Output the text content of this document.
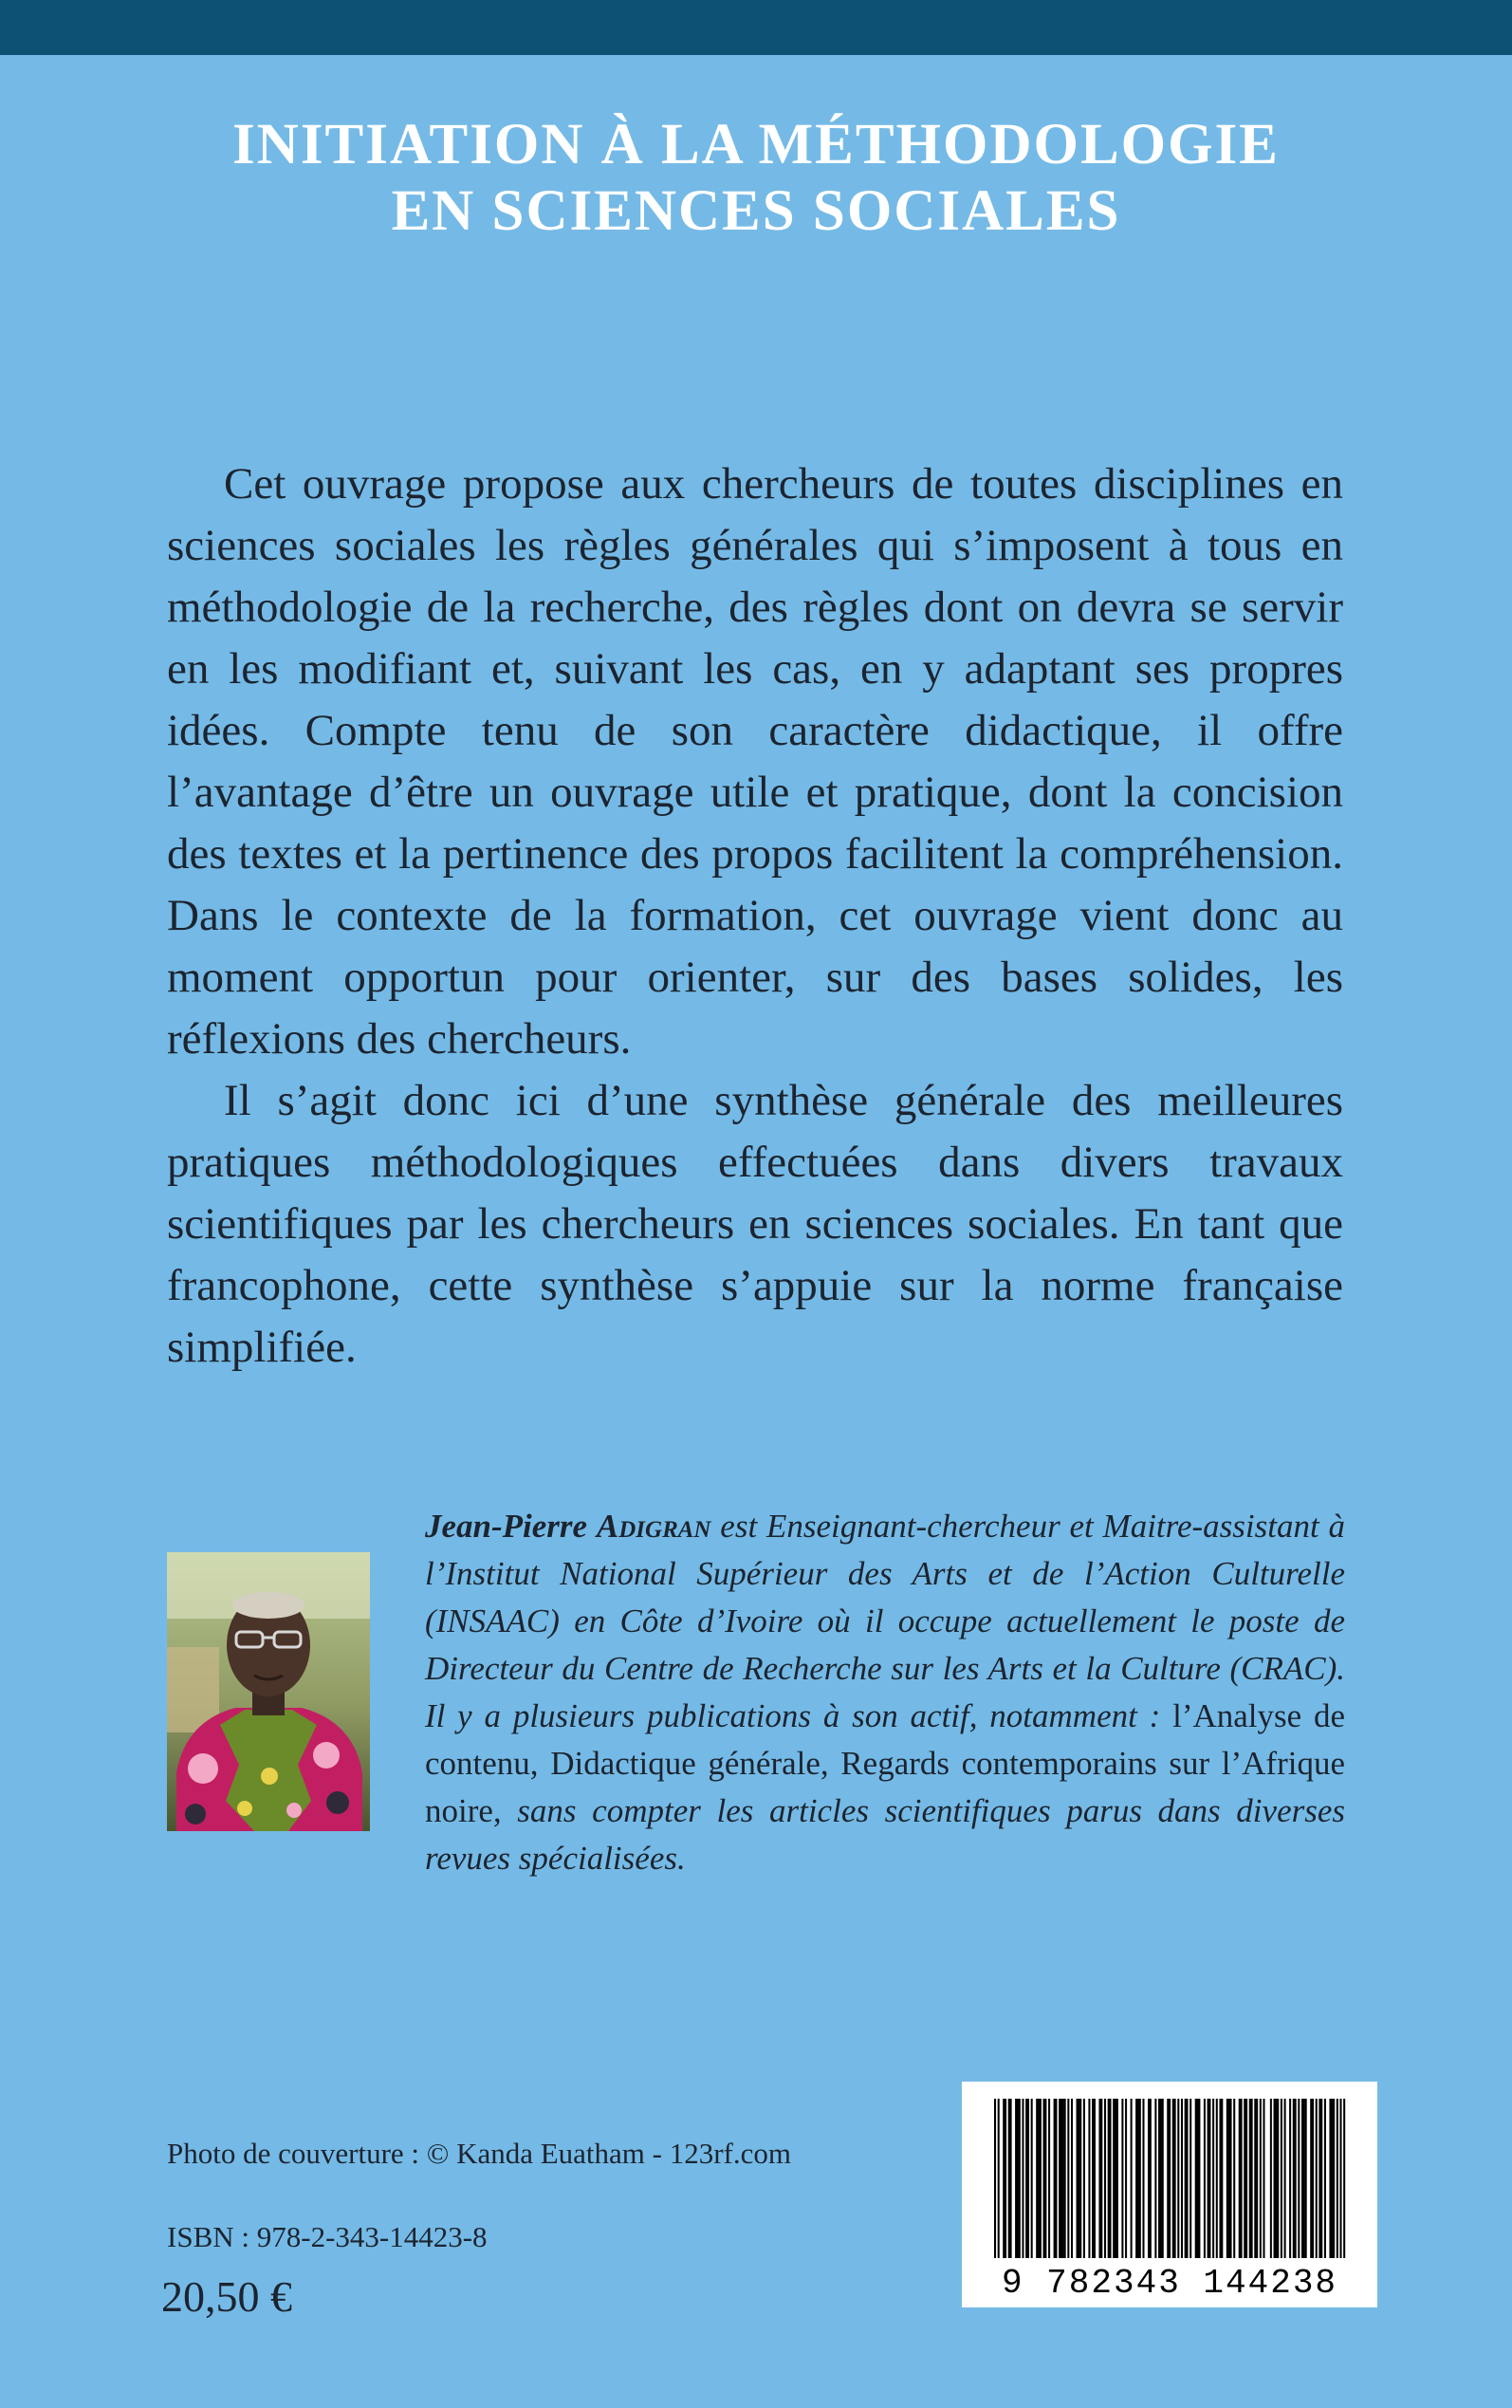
INITIATION À LA MÉTHODOLOGIE
EN SCIENCES SOCIALES

Cet ouvrage propose aux chercheurs de toutes disciplines en sciences sociales les règles générales qui s’imposent à tous en méthodologie de la recherche, des règles dont on devra se servir en les modifiant et, suivant les cas, en y adaptant ses propres idées. Compte tenu de son caractère didactique, il offre l’avantage d’être un ouvrage utile et pratique, dont la concision des textes et la pertinence des propos facilitent la compréhension. Dans le contexte de la formation, cet ouvrage vient donc au moment opportun pour orienter, sur des bases solides, les réflexions des chercheurs.

Il s’agit donc ici d’une synthèse générale des meilleures pratiques méthodologiques effectuées dans divers travaux scientifiques par les chercheurs en sciences sociales. En tant que francophone, cette synthèse s’appuie sur la norme française simplifiée.

Jean-Pierre Adigran est Enseignant-chercheur et Maitre-assistant à l’Institut National Supérieur des Arts et de l’Action Culturelle (INSAAC) en Côte d’Ivoire où il occupe actuellement le poste de Directeur du Centre de Recherche sur les Arts et la Culture (CRAC). Il y a plusieurs publications à son actif, notamment : l’Analyse de contenu, Didactique générale, Regards contemporains sur l’Afrique noire, sans compter les articles scientifiques parus dans diverses revues spécialisées.
Photo de couverture : © Kanda Euatham - 123rf.com
ISBN : 978-2-343-14423-8
20,50 €	9 782343 144238
